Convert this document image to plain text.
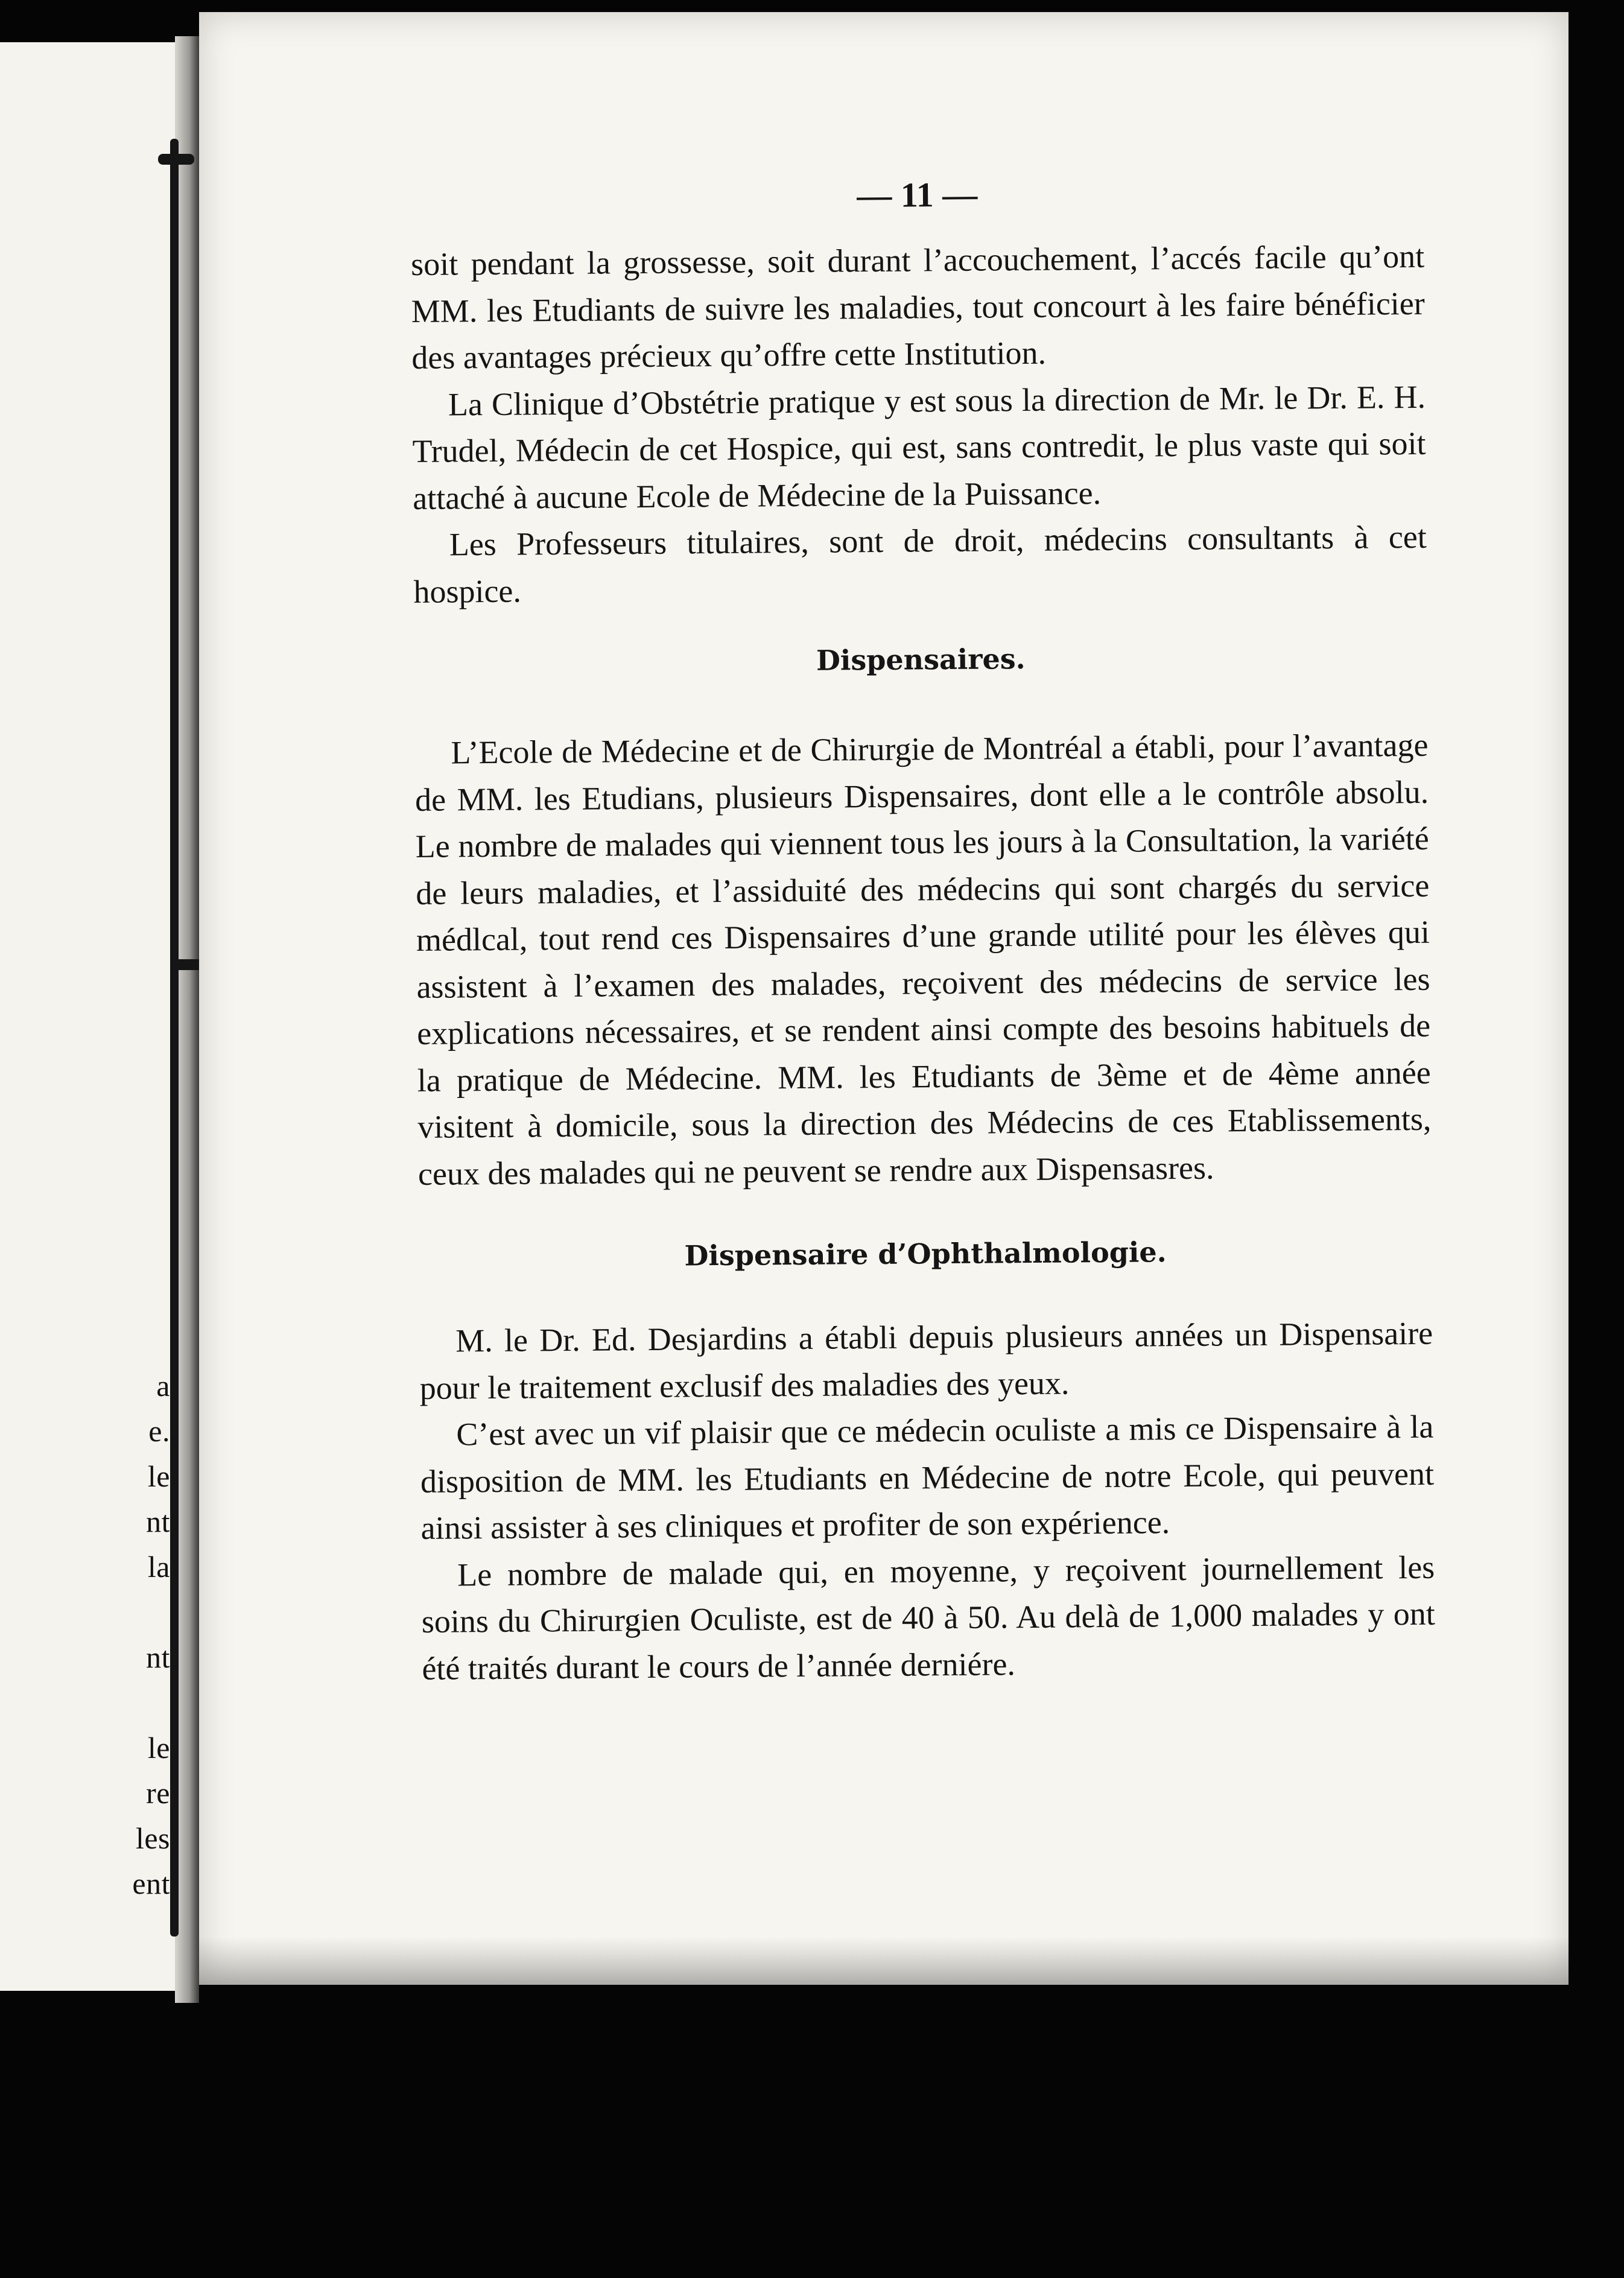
a
e.
le
nt
la
nt
le
re
les
ent
— 11 —

soit pendant la grossesse, soit durant l’accouchement, l’accés facile qu’ont MM. les Etudiants de suivre les maladies, tout concourt à les faire bénéficier des avantages précieux qu’offre cette Institution.

La Clinique d’Obstétrie pratique y est sous la direction de Mr. le Dr. E. H. Trudel, Médecin de cet Hospice, qui est, sans contredit, le plus vaste qui soit attaché à aucune Ecole de Médecine de la Puissance.

Les Professeurs titulaires, sont de droit, médecins consultants à cet hospice.

Dispensaires.

L’Ecole de Médecine et de Chirurgie de Montréal a établi, pour l’avantage de MM. les Etudians, plusieurs Dispensaires, dont elle a le contrôle absolu. Le nombre de malades qui viennent tous les jours à la Consultation, la variété de leurs maladies, et l’assiduité des médecins qui sont chargés du service médlcal, tout rend ces Dispensaires d’une grande utilité pour les élèves qui assistent à l’examen des malades, reçoivent des médecins de service les explications nécessaires, et se rendent ainsi compte des besoins habituels de la pratique de Médecine. MM. les Etudiants de 3ème et de 4ème année visitent à domicile, sous la direction des Médecins de ces Etablissements, ceux des malades qui ne peuvent se rendre aux Dispensasres.

Dispensaire d’Ophthalmologie.

M. le Dr. Ed. Desjardins a établi depuis plusieurs années un Dispensaire pour le traitement exclusif des maladies des yeux.

C’est avec un vif plaisir que ce médecin oculiste a mis ce Dispensaire à la disposition de MM. les Etudiants en Médecine de notre Ecole, qui peuvent ainsi assister à ses cliniques et profiter de son expérience.

Le nombre de malade qui, en moyenne, y reçoivent journellement les soins du Chirurgien Oculiste, est de 40 à 50. Au delà de 1,000 malades y ont été traités durant le cours de l’année derniére.
